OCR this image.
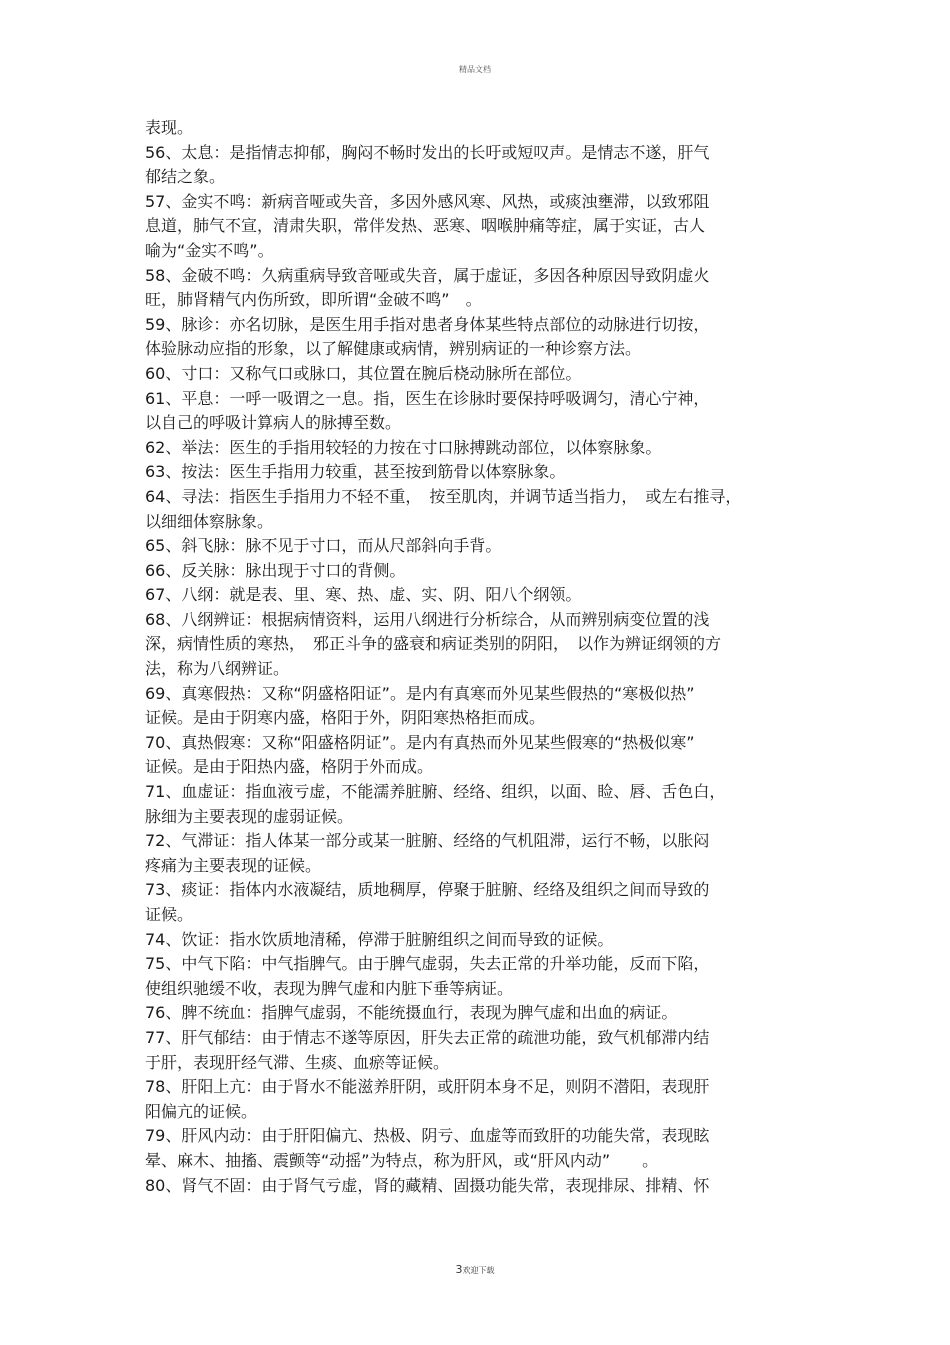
精品文档
表现。
56、太息：是指情志抑郁，胸闷不畅时发出的长吁或短叹声。是情志不遂，肝气
郁结之象。
57、金实不鸣：新病音哑或失音，多因外感风寒、风热，或痰浊壅滞，以致邪阻
息道，肺气不宣，清肃失职，常伴发热、恶寒、咽喉肿痛等症，属于实证，古人
喻为“金实不鸣”。
58、金破不鸣：久病重病导致音哑或失音，属于虚证，多因各种原因导致阴虚火
旺，肺肾精气内伤所致，即所谓“金破不鸣”　。
59、脉诊：亦名切脉，是医生用手指对患者身体某些特点部位的动脉进行切按，
体验脉动应指的形象，以了解健康或病情，辨别病证的一种诊察方法。
60、寸口：又称气口或脉口，其位置在腕后桡动脉所在部位。
61、平息：一呼一吸谓之一息。指，医生在诊脉时要保持呼吸调匀，清心宁神，
以自己的呼吸计算病人的脉搏至数。
62、举法：医生的手指用较轻的力按在寸口脉搏跳动部位，以体察脉象。
63、按法：医生手指用力较重，甚至按到筋骨以体察脉象。
64、寻法：指医生手指用力不轻不重，　按至肌肉，并调节适当指力，　或左右推寻，
以细细体察脉象。
65、斜飞脉：脉不见于寸口，而从尺部斜向手背。
66、反关脉：脉出现于寸口的背侧。
67、八纲：就是表、里、寒、热、虚、实、阴、阳八个纲领。
68、八纲辨证：根据病情资料，运用八纲进行分析综合，从而辨别病变位置的浅
深，病情性质的寒热，　邪正斗争的盛衰和病证类别的阴阳，　以作为辨证纲领的方
法，称为八纲辨证。
69、真寒假热：又称“阴盛格阳证”。是内有真寒而外见某些假热的“寒极似热”
证候。是由于阴寒内盛，格阳于外，阴阳寒热格拒而成。
70、真热假寒：又称“阳盛格阴证”。是内有真热而外见某些假寒的“热极似寒”
证候。是由于阳热内盛，格阴于外而成。
71、血虚证：指血液亏虚，不能濡养脏腑、经络、组织，以面、睑、唇、舌色白，
脉细为主要表现的虚弱证候。
72、气滞证：指人体某一部分或某一脏腑、经络的气机阻滞，运行不畅，以胀闷
疼痛为主要表现的证候。
73、痰证：指体内水液凝结，质地稠厚，停聚于脏腑、经络及组织之间而导致的
证候。
74、饮证：指水饮质地清稀，停滞于脏腑组织之间而导致的证候。
75、中气下陷：中气指脾气。由于脾气虚弱，失去正常的升举功能，反而下陷，
使组织驰缓不收，表现为脾气虚和内脏下垂等病证。
76、脾不统血：指脾气虚弱，不能统摄血行，表现为脾气虚和出血的病证。
77、肝气郁结：由于情志不遂等原因，肝失去正常的疏泄功能，致气机郁滞内结
于肝，表现肝经气滞、生痰、血瘀等证候。
78、肝阳上亢：由于肾水不能滋养肝阴，或肝阴本身不足，则阴不潜阳，表现肝
阳偏亢的证候。
79、肝风内动：由于肝阳偏亢、热极、阴亏、血虚等而致肝的功能失常，表现眩
晕、麻木、抽搐、震颤等“动摇”为特点，称为肝风，或“肝风内动”　　。
80、肾气不固：由于肾气亏虚，肾的藏精、固摄功能失常，表现排尿、排精、怀
3欢迎下载
